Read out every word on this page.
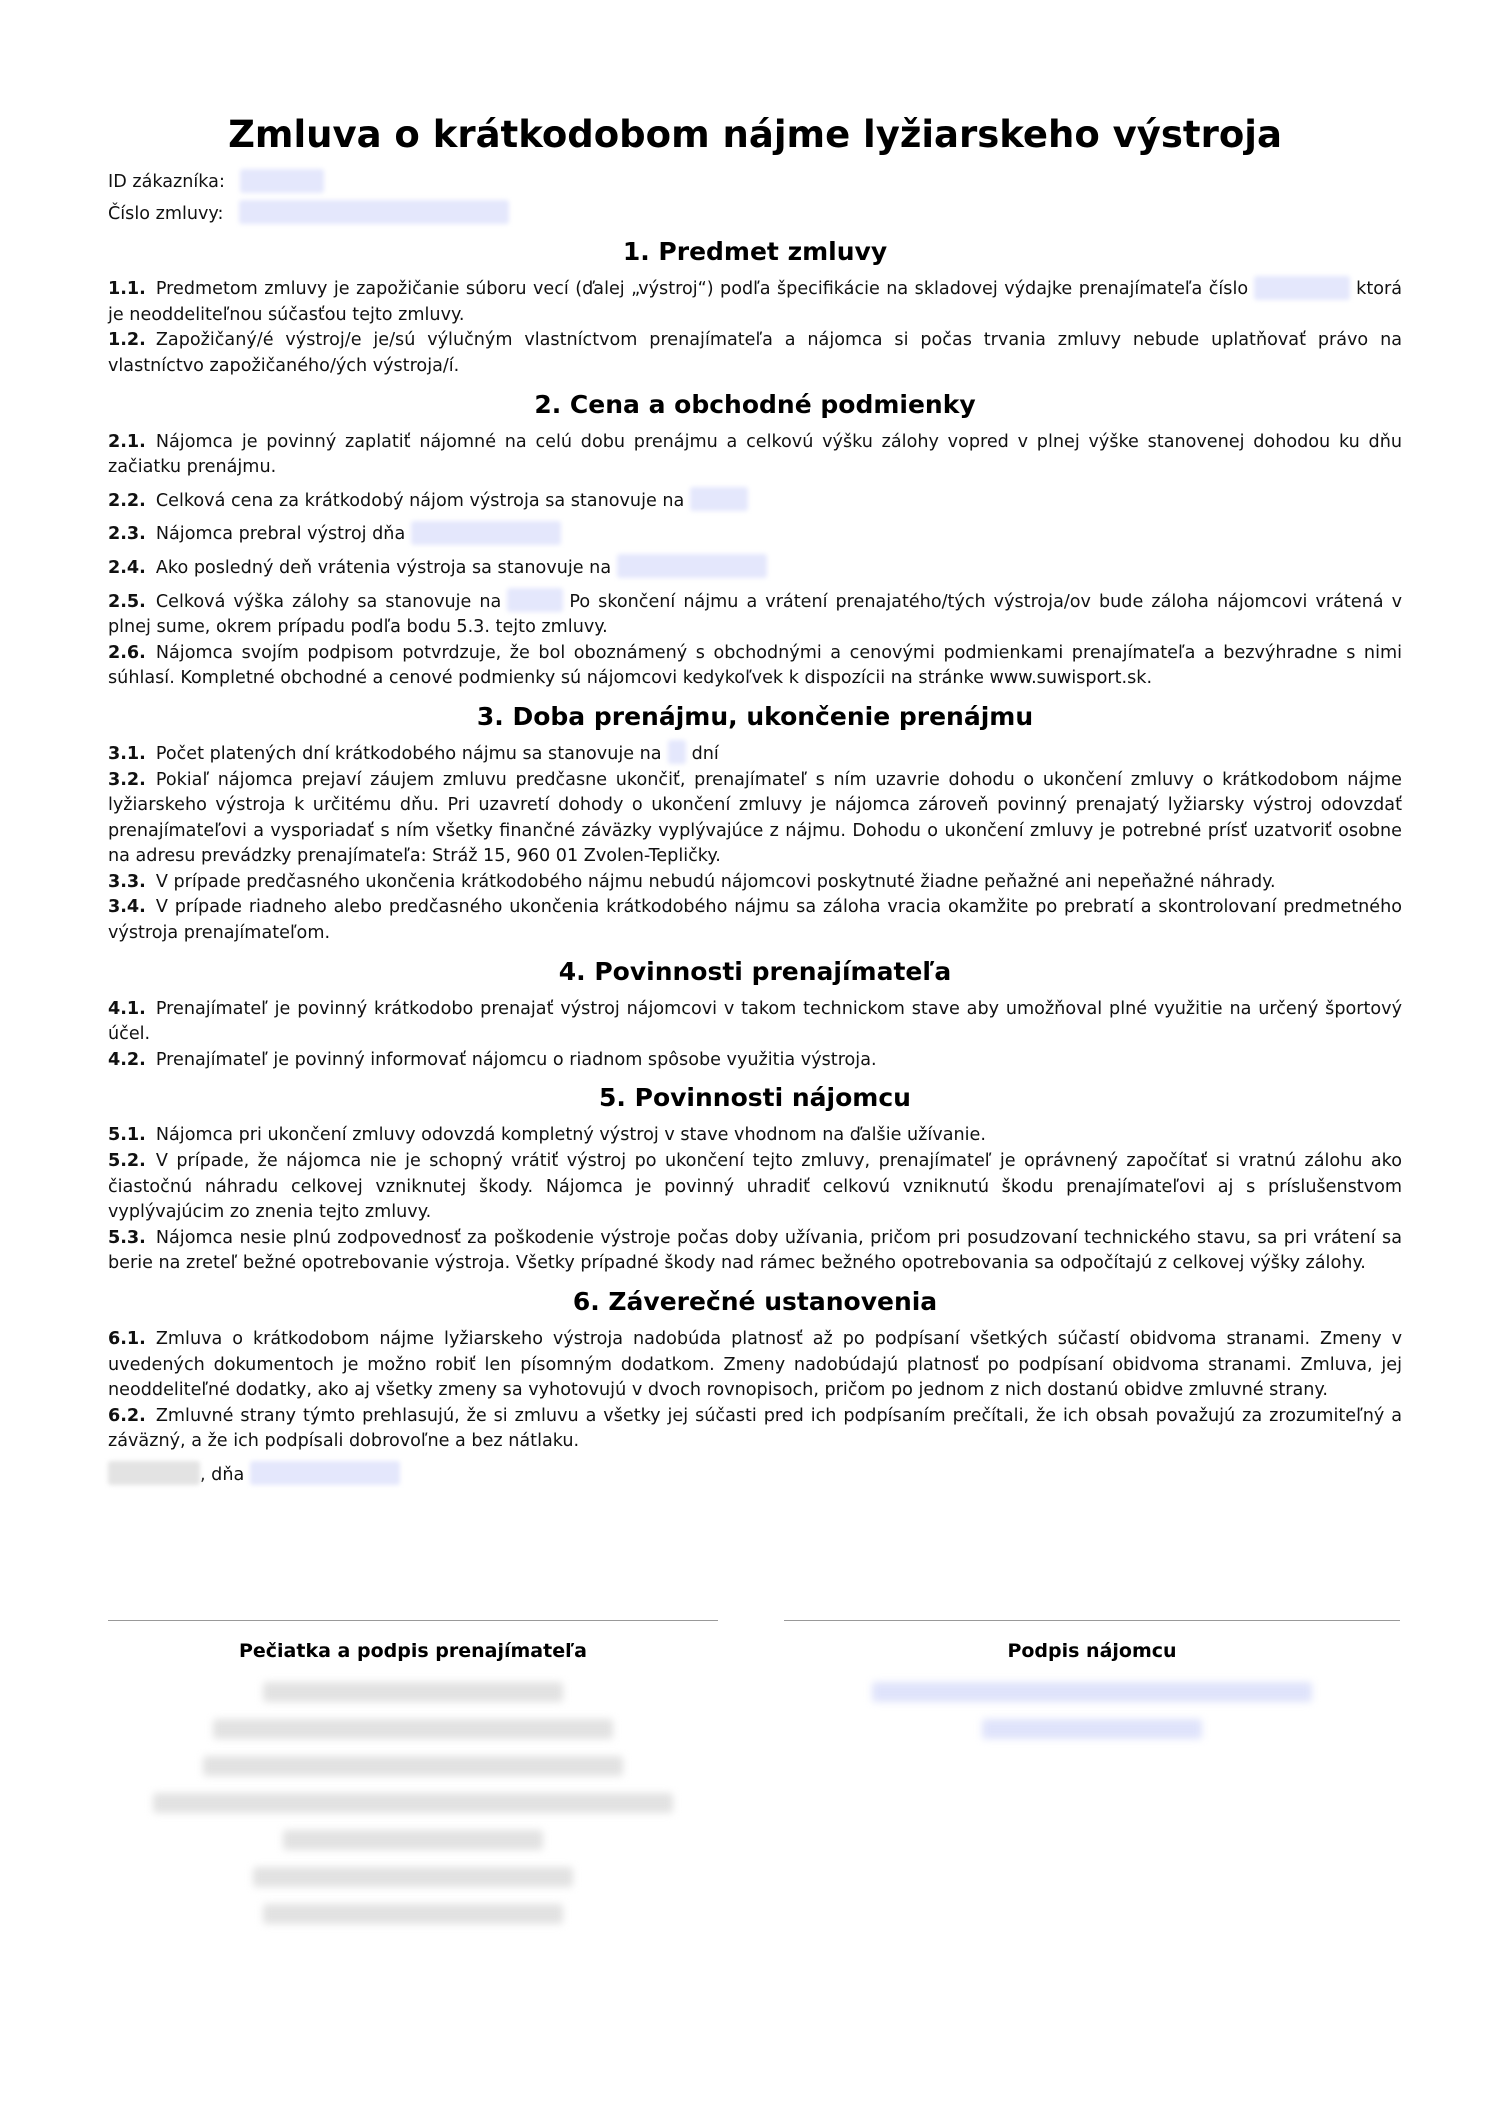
Zmluva o krátkodobom nájme lyžiarskeho výstroja
ID zákazníka:
Číslo zmluvy:
1. Predmet zmluvy

1.1. Predmetom zmluvy je zapožičanie súboru vecí (ďalej „výstroj“) podľa špecifikácie na skladovej výdajke prenajímateľa číslo	ktorá je neoddeliteľnou súčasťou tejto zmluvy.

1.2. Zapožičaný/é výstroj/e je/sú výlučným vlastníctvom prenajímateľa a nájomca si počas trvania zmluvy nebude uplatňovať právo na vlastníctvo zapožičaného/ých výstroja/í.

2. Cena a obchodné podmienky

2.1. Nájomca je povinný zaplatiť nájomné na celú dobu prenájmu a celkovú výšku zálohy vopred v plnej výške stanovenej dohodou ku dňu začiatku prenájmu.

2.2. Celková cena za krátkodobý nájom výstroja sa stanovuje na

2.3. Nájomca prebral výstroj dňa

2.4. Ako posledný deň vrátenia výstroja sa stanovuje na

2.5. Celková výška zálohy sa stanovuje na	Po skončení nájmu a vrátení prenajatého/tých výstroja/ov bude záloha nájomcovi vrátená v plnej sume, okrem prípadu podľa bodu 5.3. tejto zmluvy.

2.6. Nájomca svojím podpisom potvrdzuje, že bol oboznámený s obchodnými a cenovými podmienkami prenajímateľa a bezvýhradne s nimi súhlasí. Kompletné obchodné a cenové podmienky sú nájomcovi kedykoľvek k dispozícii na stránke www.suwisport.sk.

3. Doba prenájmu, ukončenie prenájmu

3.1. Počet platených dní krátkodobého nájmu sa stanovuje na dní

3.2. Pokiaľ nájomca prejaví záujem zmluvu predčasne ukončiť, prenajímateľ s ním uzavrie dohodu o ukončení zmluvy o krátkodobom nájme lyžiarskeho výstroja k určitému dňu. Pri uzavretí dohody o ukončení zmluvy je nájomca zároveň povinný prenajatý lyžiarsky výstroj odovzdať prenajímateľovi a vysporiadať s ním všetky finančné záväzky vyplývajúce z nájmu. Dohodu o ukončení zmluvy je potrebné prísť uzatvoriť osobne na adresu prevádzky prenajímateľa: Stráž 15, 960 01 Zvolen-Tepličky.

3.3. V prípade predčasného ukončenia krátkodobého nájmu nebudú nájomcovi poskytnuté žiadne peňažné ani nepeňažné náhrady.

3.4. V prípade riadneho alebo predčasného ukončenia krátkodobého nájmu sa záloha vracia okamžite po prebratí a skontrolovaní predmetného výstroja prenajímateľom.

4. Povinnosti prenajímateľa

4.1. Prenajímateľ je povinný krátkodobo prenajať výstroj nájomcovi v takom technickom stave aby umožňoval plné využitie na určený športový účel.

4.2. Prenajímateľ je povinný informovať nájomcu o riadnom spôsobe využitia výstroja.

5. Povinnosti nájomcu

5.1. Nájomca pri ukončení zmluvy odovzdá kompletný výstroj v stave vhodnom na ďalšie užívanie.

5.2. V prípade, že nájomca nie je schopný vrátiť výstroj po ukončení tejto zmluvy, prenajímateľ je oprávnený započítať si vratnú zálohu ako čiastočnú náhradu celkovej vzniknutej škody. Nájomca je povinný uhradiť celkovú vzniknutú škodu prenajímateľovi aj s príslušenstvom vyplývajúcim zo znenia tejto zmluvy.

5.3. Nájomca nesie plnú zodpovednosť za poškodenie výstroje počas doby užívania, pričom pri posudzovaní technického stavu, sa pri vrátení sa berie na zreteľ bežné opotrebovanie výstroja. Všetky prípadné škody nad rámec bežného opotrebovania sa odpočítajú z celkovej výšky zálohy.

6. Záverečné ustanovenia

6.1. Zmluva o krátkodobom nájme lyžiarskeho výstroja nadobúda platnosť až po podpísaní všetkých súčastí obidvoma stranami. Zmeny v uvedených dokumentoch je možno robiť len písomným dodatkom. Zmeny nadobúdajú platnosť po podpísaní obidvoma stranami. Zmluva, jej neoddeliteľné dodatky, ako aj všetky zmeny sa vyhotovujú v dvoch rovnopisoch, pričom po jednom z nich dostanú obidve zmluvné strany.

6.2. Zmluvné strany týmto prehlasujú, že si zmluvu a všetky jej súčasti pred ich podpísaním prečítali, že ich obsah považujú za zrozumiteľný a záväzný, a že ich podpísali dobrovoľne a bez nátlaku.

, dňa

Pečiatka a podpis prenajímateľa	Podpis nájomcu
